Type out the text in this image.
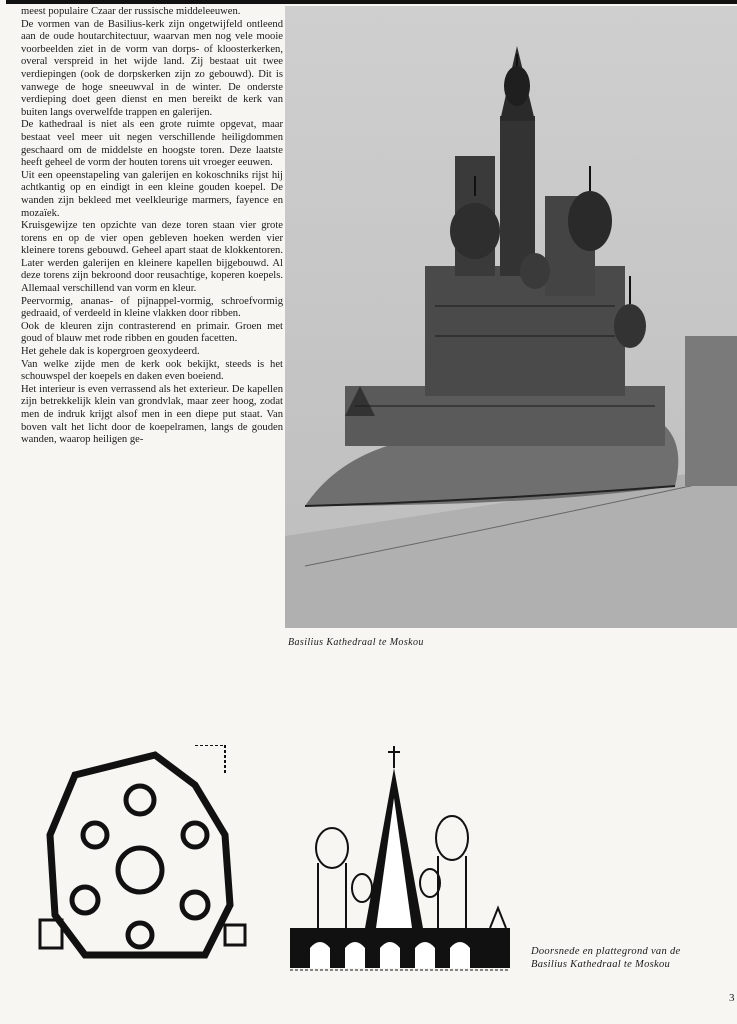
meest populaire Czaar der russische middeleeuwen.

De vormen van de Basilius-kerk zijn ongetwijfeld ontleend aan de oude houtarchitectuur, waarvan men nog vele mooie voorbeelden ziet in de vorm van dorps- of kloosterkerken, overal verspreid in het wijde land. Zij bestaat uit twee verdiepingen (ook de dorpskerken zijn zo gebouwd). Dit is vanwege de hoge sneeuwval in de winter. De onderste verdieping doet geen dienst en men bereikt de kerk van buiten langs overwelfde trappen en galerijen.

De kathedraal is niet als een grote ruimte opgevat, maar bestaat veel meer uit negen verschillende heiligdommen geschaard om de middelste en hoogste toren. Deze laatste heeft geheel de vorm der houten torens uit vroeger eeuwen.

Uit een opeenstapeling van galerijen en kokoschniks rijst hij achtkantig op en eindigt in een kleine gouden koepel. De wanden zijn bekleed met veelkleurige marmers, fayence en mozaïek.

Kruisgewijze ten opzichte van deze toren staan vier grote torens en op de vier open gebleven hoeken werden vier kleinere torens gebouwd. Geheel apart staat de klokkentoren. Later werden galerijen en kleinere kapellen bijgebouwd. Al deze torens zijn bekroond door reusachtige, koperen koepels. Allemaal verschillend van vorm en kleur.

Peervormig, ananas- of pijnappel-vormig, schroefvormig gedraaid, of verdeeld in kleine vlakken door ribben.

Ook de kleuren zijn contrasterend en primair. Groen met goud of blauw met rode ribben en gouden facetten.

Het gehele dak is kopergroen geoxydeerd.

Van welke zijde men de kerk ook bekijkt, steeds is het schouwspel der koepels en daken even boeiend.

Het interieur is even verrassend als het exterieur. De kapellen zijn betrekkelijk klein van grondvlak, maar zeer hoog, zodat men de indruk krijgt alsof men in een diepe put staat. Van boven valt het licht door de koepelramen, langs de gouden wanden, waarop heiligen ge-

Basilius Kathedraal te Moskou
Doorsnede en plattegrond van de
Basilius Kathedraal te Moskou
3
